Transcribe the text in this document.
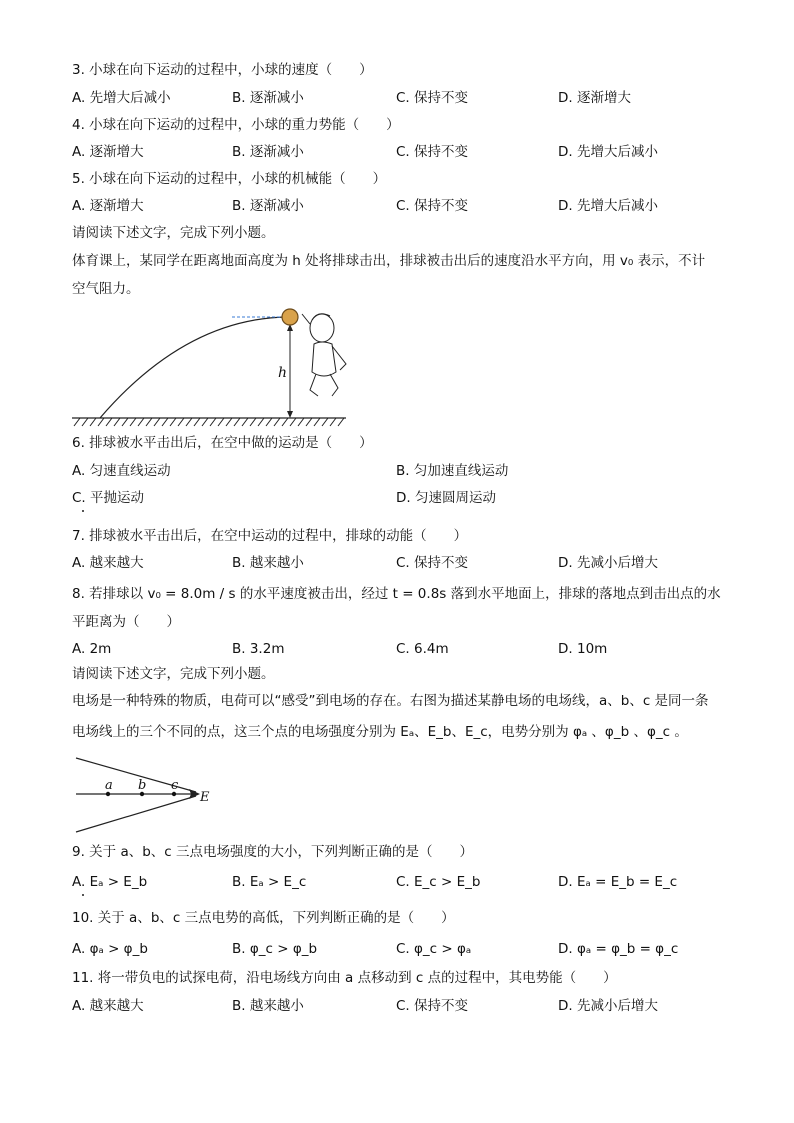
3. 小球在向下运动的过程中，小球的速度（　　）
A. 先增大后减小	B. 逐渐减小	C. 保持不变	D. 逐渐增大
4. 小球在向下运动的过程中，小球的重力势能（　　）
A. 逐渐增大	B. 逐渐减小	C. 保持不变	D. 先增大后减小
5. 小球在向下运动的过程中，小球的机械能（　　）
A. 逐渐增大	B. 逐渐减小	C. 保持不变	D. 先增大后减小
请阅读下述文字，完成下列小题。
体育课上，某同学在距离地面高度为 h 处将排球击出，排球被击出后的速度沿水平方向，用 v₀ 表示，不计
空气阻力。
h
6. 排球被水平击出后，在空中做的运动是（　　）
A. 匀速直线运动	B. 匀加速直线运动
C. 平抛运动	D. 匀速圆周运动
7. 排球被水平击出后，在空中运动的过程中，排球的动能（　　）
A. 越来越大	B. 越来越小	C. 保持不变	D. 先减小后增大
8. 若排球以 v₀ = 8.0m / s 的水平速度被击出，经过 t = 0.8s 落到水平地面上，排球的落地点到击出点的水
平距离为（　　）
A. 2m	B. 3.2m	C. 6.4m	D. 10m
请阅读下述文字，完成下列小题。
电场是一种特殊的物质，电荷可以“感受”到电场的存在。右图为描述某静电场的电场线，a、b、c 是同一条
电场线上的三个不同的点，这三个点的电场强度分别为 Eₐ、E_b、E_c，电势分别为 φₐ 、φ_b 、φ_c 。
a b c
E
9. 关于 a、b、c 三点电场强度的大小，下列判断正确的是（　　）
A. Eₐ > E_b	B. Eₐ > E_c	C. E_c > E_b	D. Eₐ = E_b = E_c
10. 关于 a、b、c 三点电势的高低，下列判断正确的是（　　）
A. φₐ > φ_b	B. φ_c > φ_b	C. φ_c > φₐ	D. φₐ = φ_b = φ_c
11. 将一带负电的试探电荷，沿电场线方向由 a 点移动到 c 点的过程中，其电势能（　　）
A. 越来越大	B. 越来越小	C. 保持不变	D. 先减小后增大
